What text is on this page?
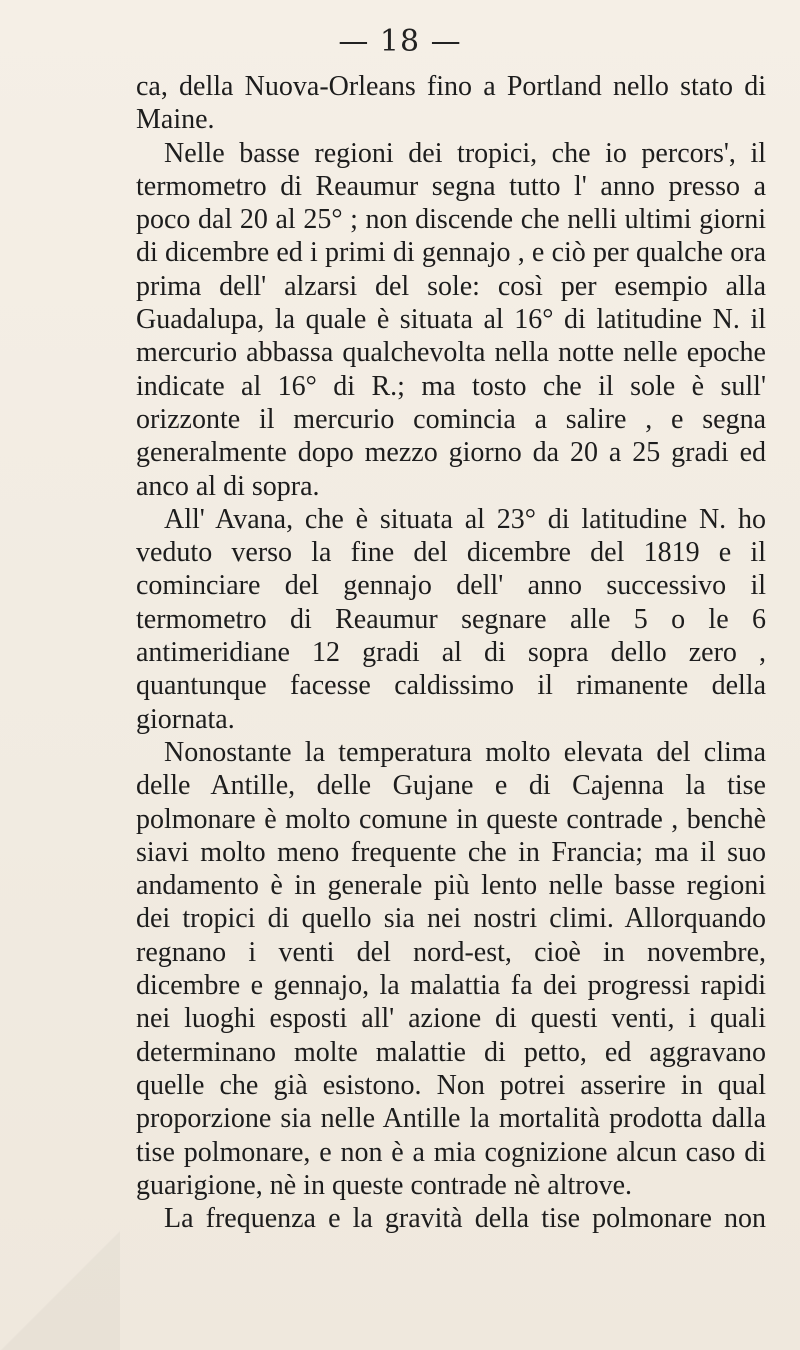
— 18 —

ca, della Nuova-Orleans fino a Portland nello stato di Maine.

Nelle basse regioni dei tropici, che io percors', il termometro di Reaumur segna tutto l' anno presso a poco dal 20 al 25° ; non discende che nelli ultimi giorni di dicembre ed i primi di gennajo , e ciò per qualche ora prima dell' alzarsi del sole: così per esempio alla Guadalupa, la quale è situata al 16° di latitudine N. il mercurio abbassa qualchevolta nella notte nelle epoche indicate al 16° di R.; ma tosto che il sole è sull' orizzonte il mercurio comincia a salire , e segna generalmente dopo mezzo giorno da 20 a 25 gradi ed anco al di sopra.

All' Avana, che è situata al 23° di latitudine N. ho veduto verso la fine del dicembre del 1819 e il cominciare del gennajo dell' anno successivo il termometro di Reaumur segnare alle 5 o le 6 antimeridiane 12 gradi al di sopra dello zero , quantunque facesse caldissimo il rimanente della giornata.

Nonostante la temperatura molto elevata del clima delle Antille, delle Gujane e di Cajenna la tise polmonare è molto comune in queste contrade , benchè siavi molto meno frequente che in Francia; ma il suo andamento è in generale più lento nelle basse regioni dei tropici di quello sia nei nostri climi. Allorquando regnano i venti del nord-est, cioè in novembre, dicembre e gennajo, la malattia fa dei progressi rapidi nei luoghi esposti all' azione di questi venti, i quali determinano molte malattie di petto, ed aggravano quelle che già esistono. Non potrei asserire in qual proporzione sia nelle Antille la mortalità prodotta dalla tise polmonare, e non è a mia cognizione alcun caso di guarigione, nè in queste contrade nè altrove.

La frequenza e la gravità della tise polmonare non
